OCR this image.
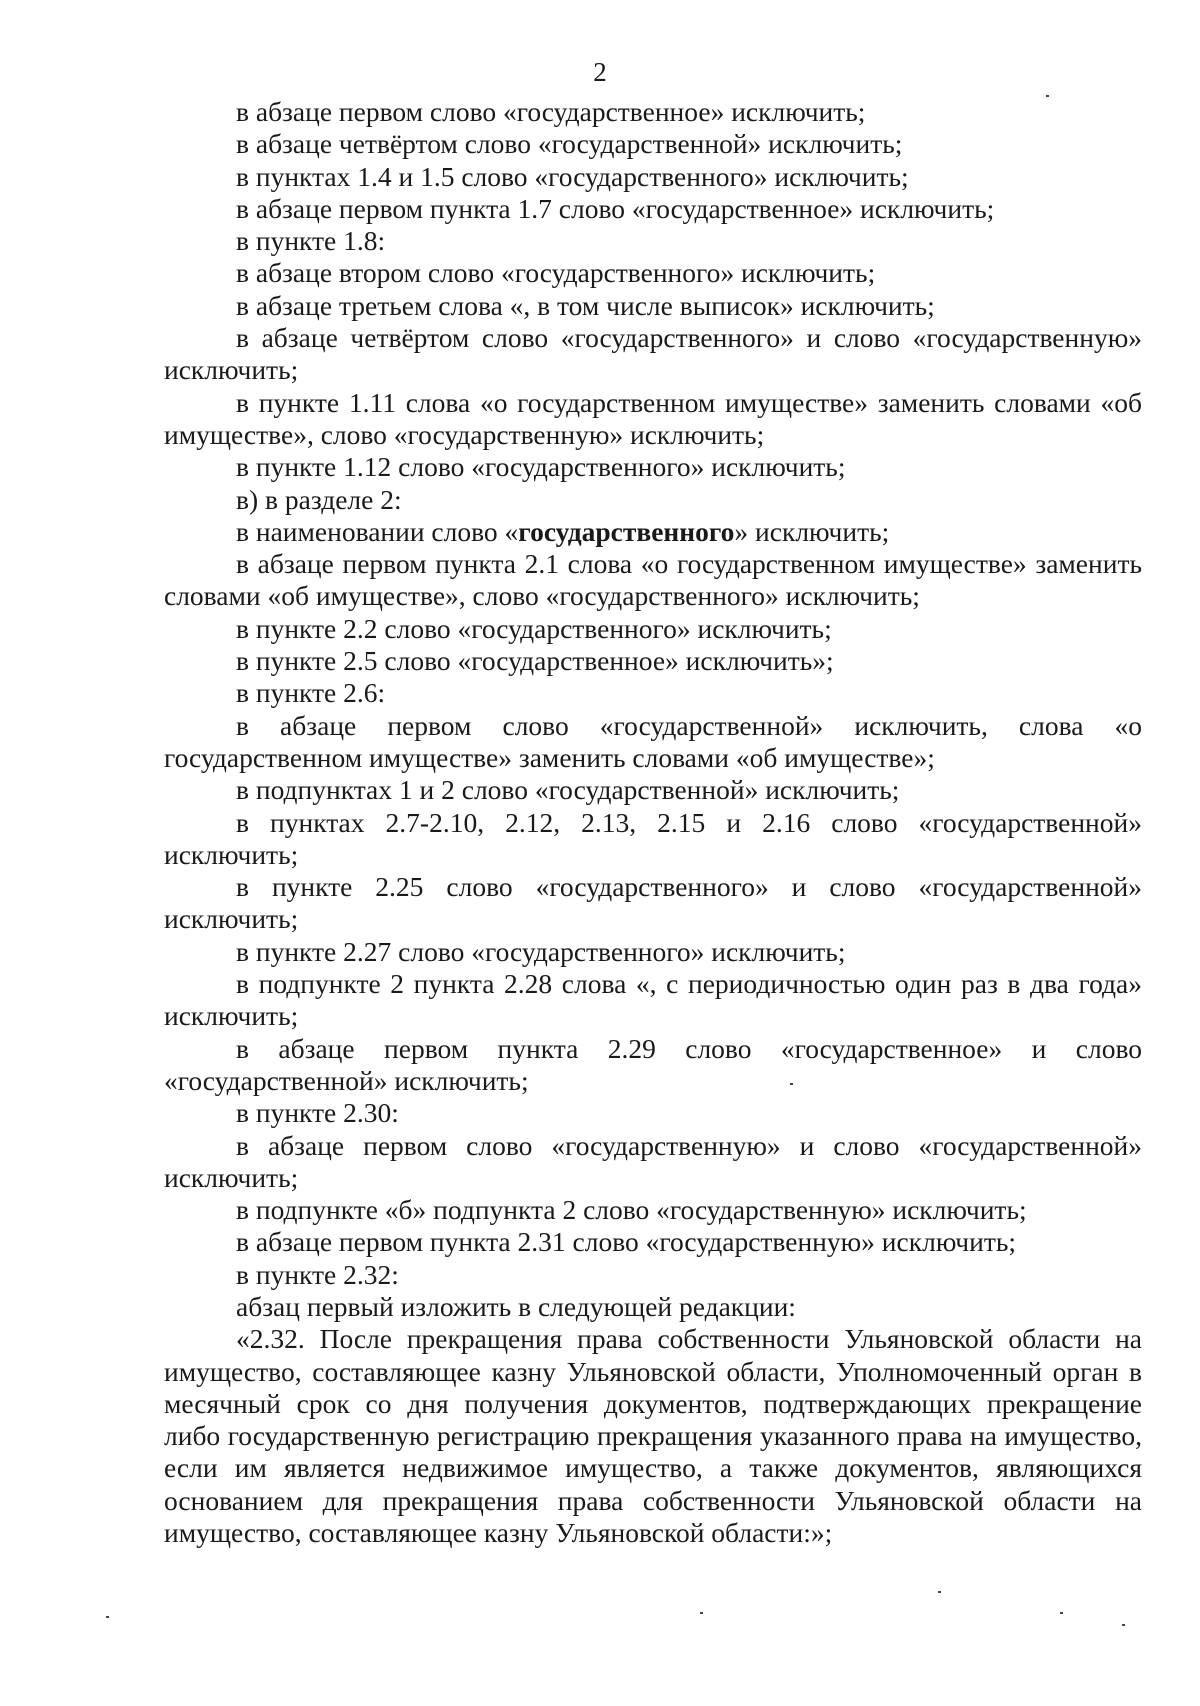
2

в абзаце первом слово «государственное» исключить;

в абзаце четвёртом слово «государственной» исключить;

в пунктах 1.4 и 1.5 слово «государственного» исключить;

в абзаце первом пункта 1.7 слово «государственное» исключить;

в пункте 1.8:

в абзаце втором слово «государственного» исключить;

в абзаце третьем слова «, в том числе выписок» исключить;

в абзаце четвёртом слово «государственного» и слово «государственную» исключить;

в пункте 1.11 слова «о государственном имуществе» заменить словами «об имуществе», слово «государственную» исключить;

в пункте 1.12 слово «государственного» исключить;

в) в разделе 2:

в наименовании слово «государственного» исключить;

в абзаце первом пункта 2.1 слова «о государственном имуществе» заменить словами «об имуществе», слово «государственного» исключить;

в пункте 2.2 слово «государственного» исключить;

в пункте 2.5 слово «государственное» исключить»;

в пункте 2.6:

в абзаце первом слово «государственной» исключить, слова «о государственном имуществе» заменить словами «об имуществе»;

в подпунктах 1 и 2 слово «государственной» исключить;

в пунктах 2.7-2.10, 2.12, 2.13, 2.15 и 2.16 слово «государственной» исключить;

в пункте 2.25 слово «государственного» и слово «государственной» исключить;

в пункте 2.27 слово «государственного» исключить;

в подпункте 2 пункта 2.28 слова «, с периодичностью один раз в два года» исключить;

в абзаце первом пункта 2.29 слово «государственное» и слово «государственной» исключить;

в пункте 2.30:

в абзаце первом слово «государственную» и слово «государственной» исключить;

в подпункте «б» подпункта 2 слово «государственную» исключить;

в абзаце первом пункта 2.31 слово «государственную» исключить;

в пункте 2.32:

абзац первый изложить в следующей редакции:

«2.32. После прекращения права собственности Ульяновской области на имущество, составляющее казну Ульяновской области, Уполномоченный орган в месячный срок со дня получения документов, подтверждающих прекращение либо государственную регистрацию прекращения указанного права на имущество, если им является недвижимое имущество, а также документов, являющихся основанием для прекращения права собственности Ульяновской области на имущество, составляющее казну Ульяновской области:»;
